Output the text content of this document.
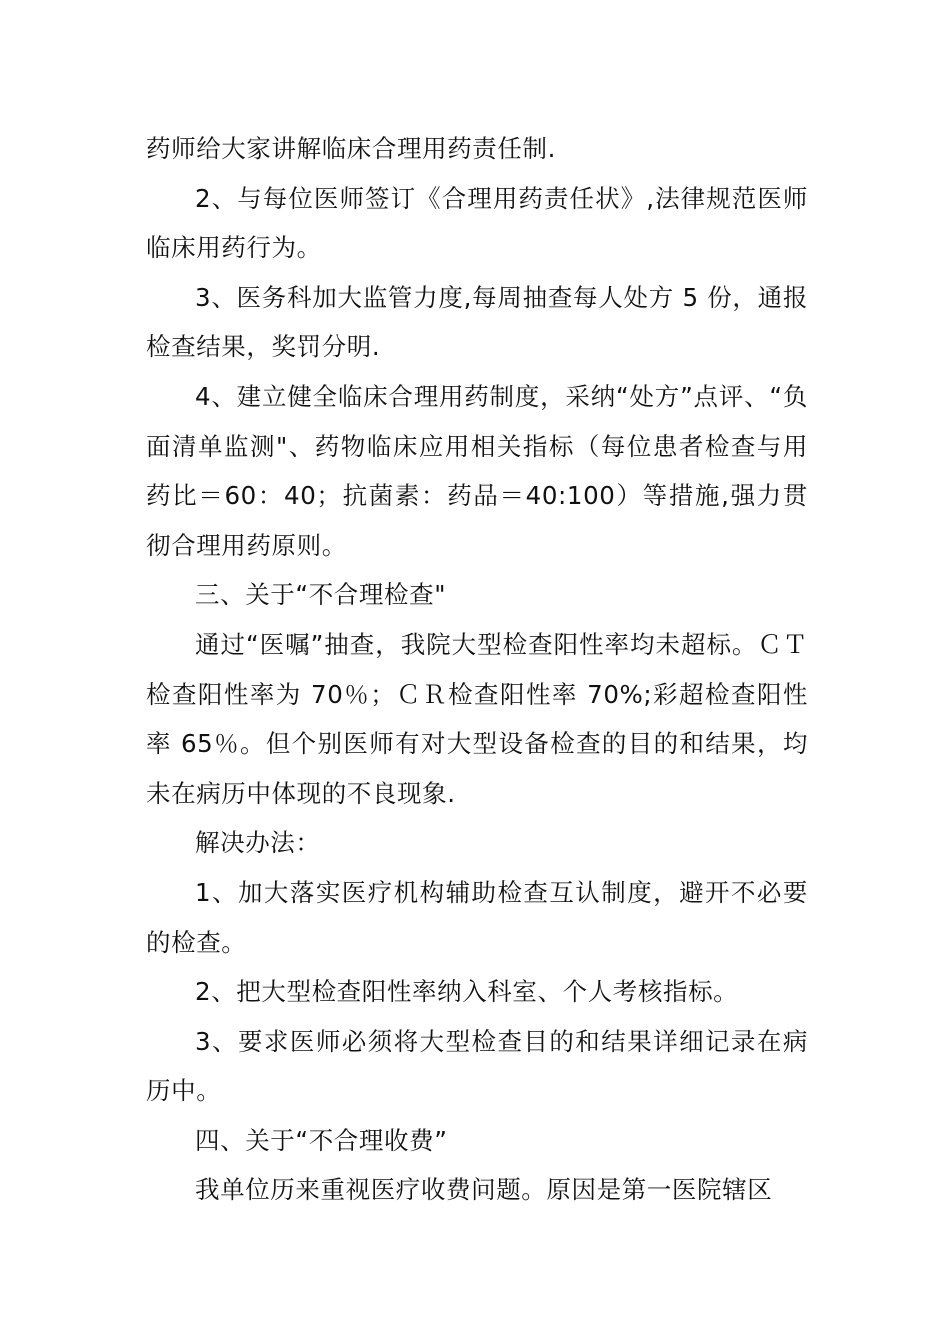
药师给大家讲解临床合理用药责任制.

2、与每位医师签订《合理用药责任状》,法律规范医师临床用药行为。

3、医务科加大监管力度,每周抽查每人处方 5 份，通报检查结果，奖罚分明.

4、建立健全临床合理用药制度，采纳“处方”点评、“负面清单监测"、药物临床应用相关指标（每位患者检查与用药比＝60：40；抗菌素：药品＝40:100）等措施,强力贯彻合理用药原则。

三、关于“不合理检查"

通过“医嘱”抽查，我院大型检查阳性率均未超标。ＣＴ检查阳性率为 70％；ＣＲ检查阳性率 70%;彩超检查阳性率 65％。但个别医师有对大型设备检查的目的和结果，均未在病历中体现的不良现象.

解决办法：

1、加大落实医疗机构辅助检查互认制度，避开不必要的检查。

2、把大型检查阳性率纳入科室、个人考核指标。

3、要求医师必须将大型检查目的和结果详细记录在病历中。

四、关于“不合理收费”

我单位历来重视医疗收费问题。原因是第一医院辖区
